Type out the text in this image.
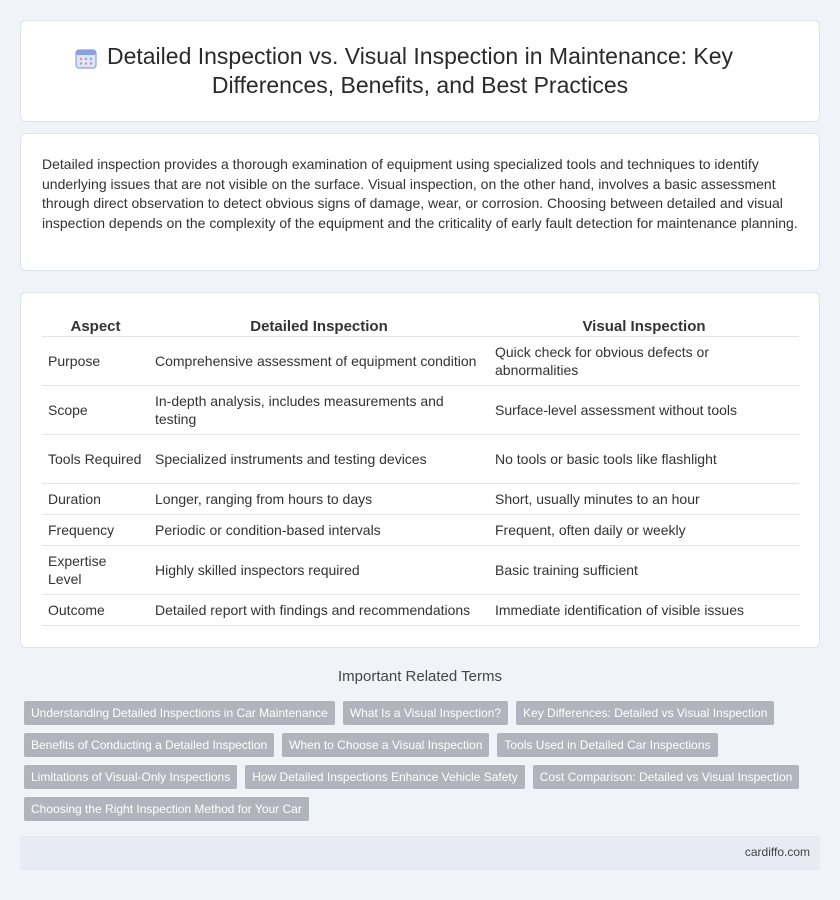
Detailed Inspection vs. Visual Inspection in Maintenance: Key Differences, Benefits, and Best Practices

Detailed inspection provides a thorough examination of equipment using specialized tools and techniques to identify underlying issues that are not visible on the surface. Visual inspection, on the other hand, involves a basic assessment through direct observation to detect obvious signs of damage, wear, or corrosion. Choosing between detailed and visual inspection depends on the complexity of the equipment and the criticality of early fault detection for maintenance planning.

Aspect	Detailed Inspection	Visual Inspection
Purpose	Comprehensive assessment of equipment condition	Quick check for obvious defects or abnormalities
Scope	In-depth analysis, includes measurements and testing	Surface-level assessment without tools
Tools Required	Specialized instruments and testing devices	No tools or basic tools like flashlight
Duration	Longer, ranging from hours to days	Short, usually minutes to an hour
Frequency	Periodic or condition-based intervals	Frequent, often daily or weekly
Expertise Level	Highly skilled inspectors required	Basic training sufficient
Outcome	Detailed report with findings and recommendations	Immediate identification of visible issues
Important Related Terms
Understanding Detailed Inspections in Car Maintenance	What Is a Visual Inspection?	Key Differences: Detailed vs Visual Inspection
Benefits of Conducting a Detailed Inspection	When to Choose a Visual Inspection	Tools Used in Detailed Car Inspections
Limitations of Visual-Only Inspections	How Detailed Inspections Enhance Vehicle Safety	Cost Comparison: Detailed vs Visual Inspection
Choosing the Right Inspection Method for Your Car
cardiffo.com
